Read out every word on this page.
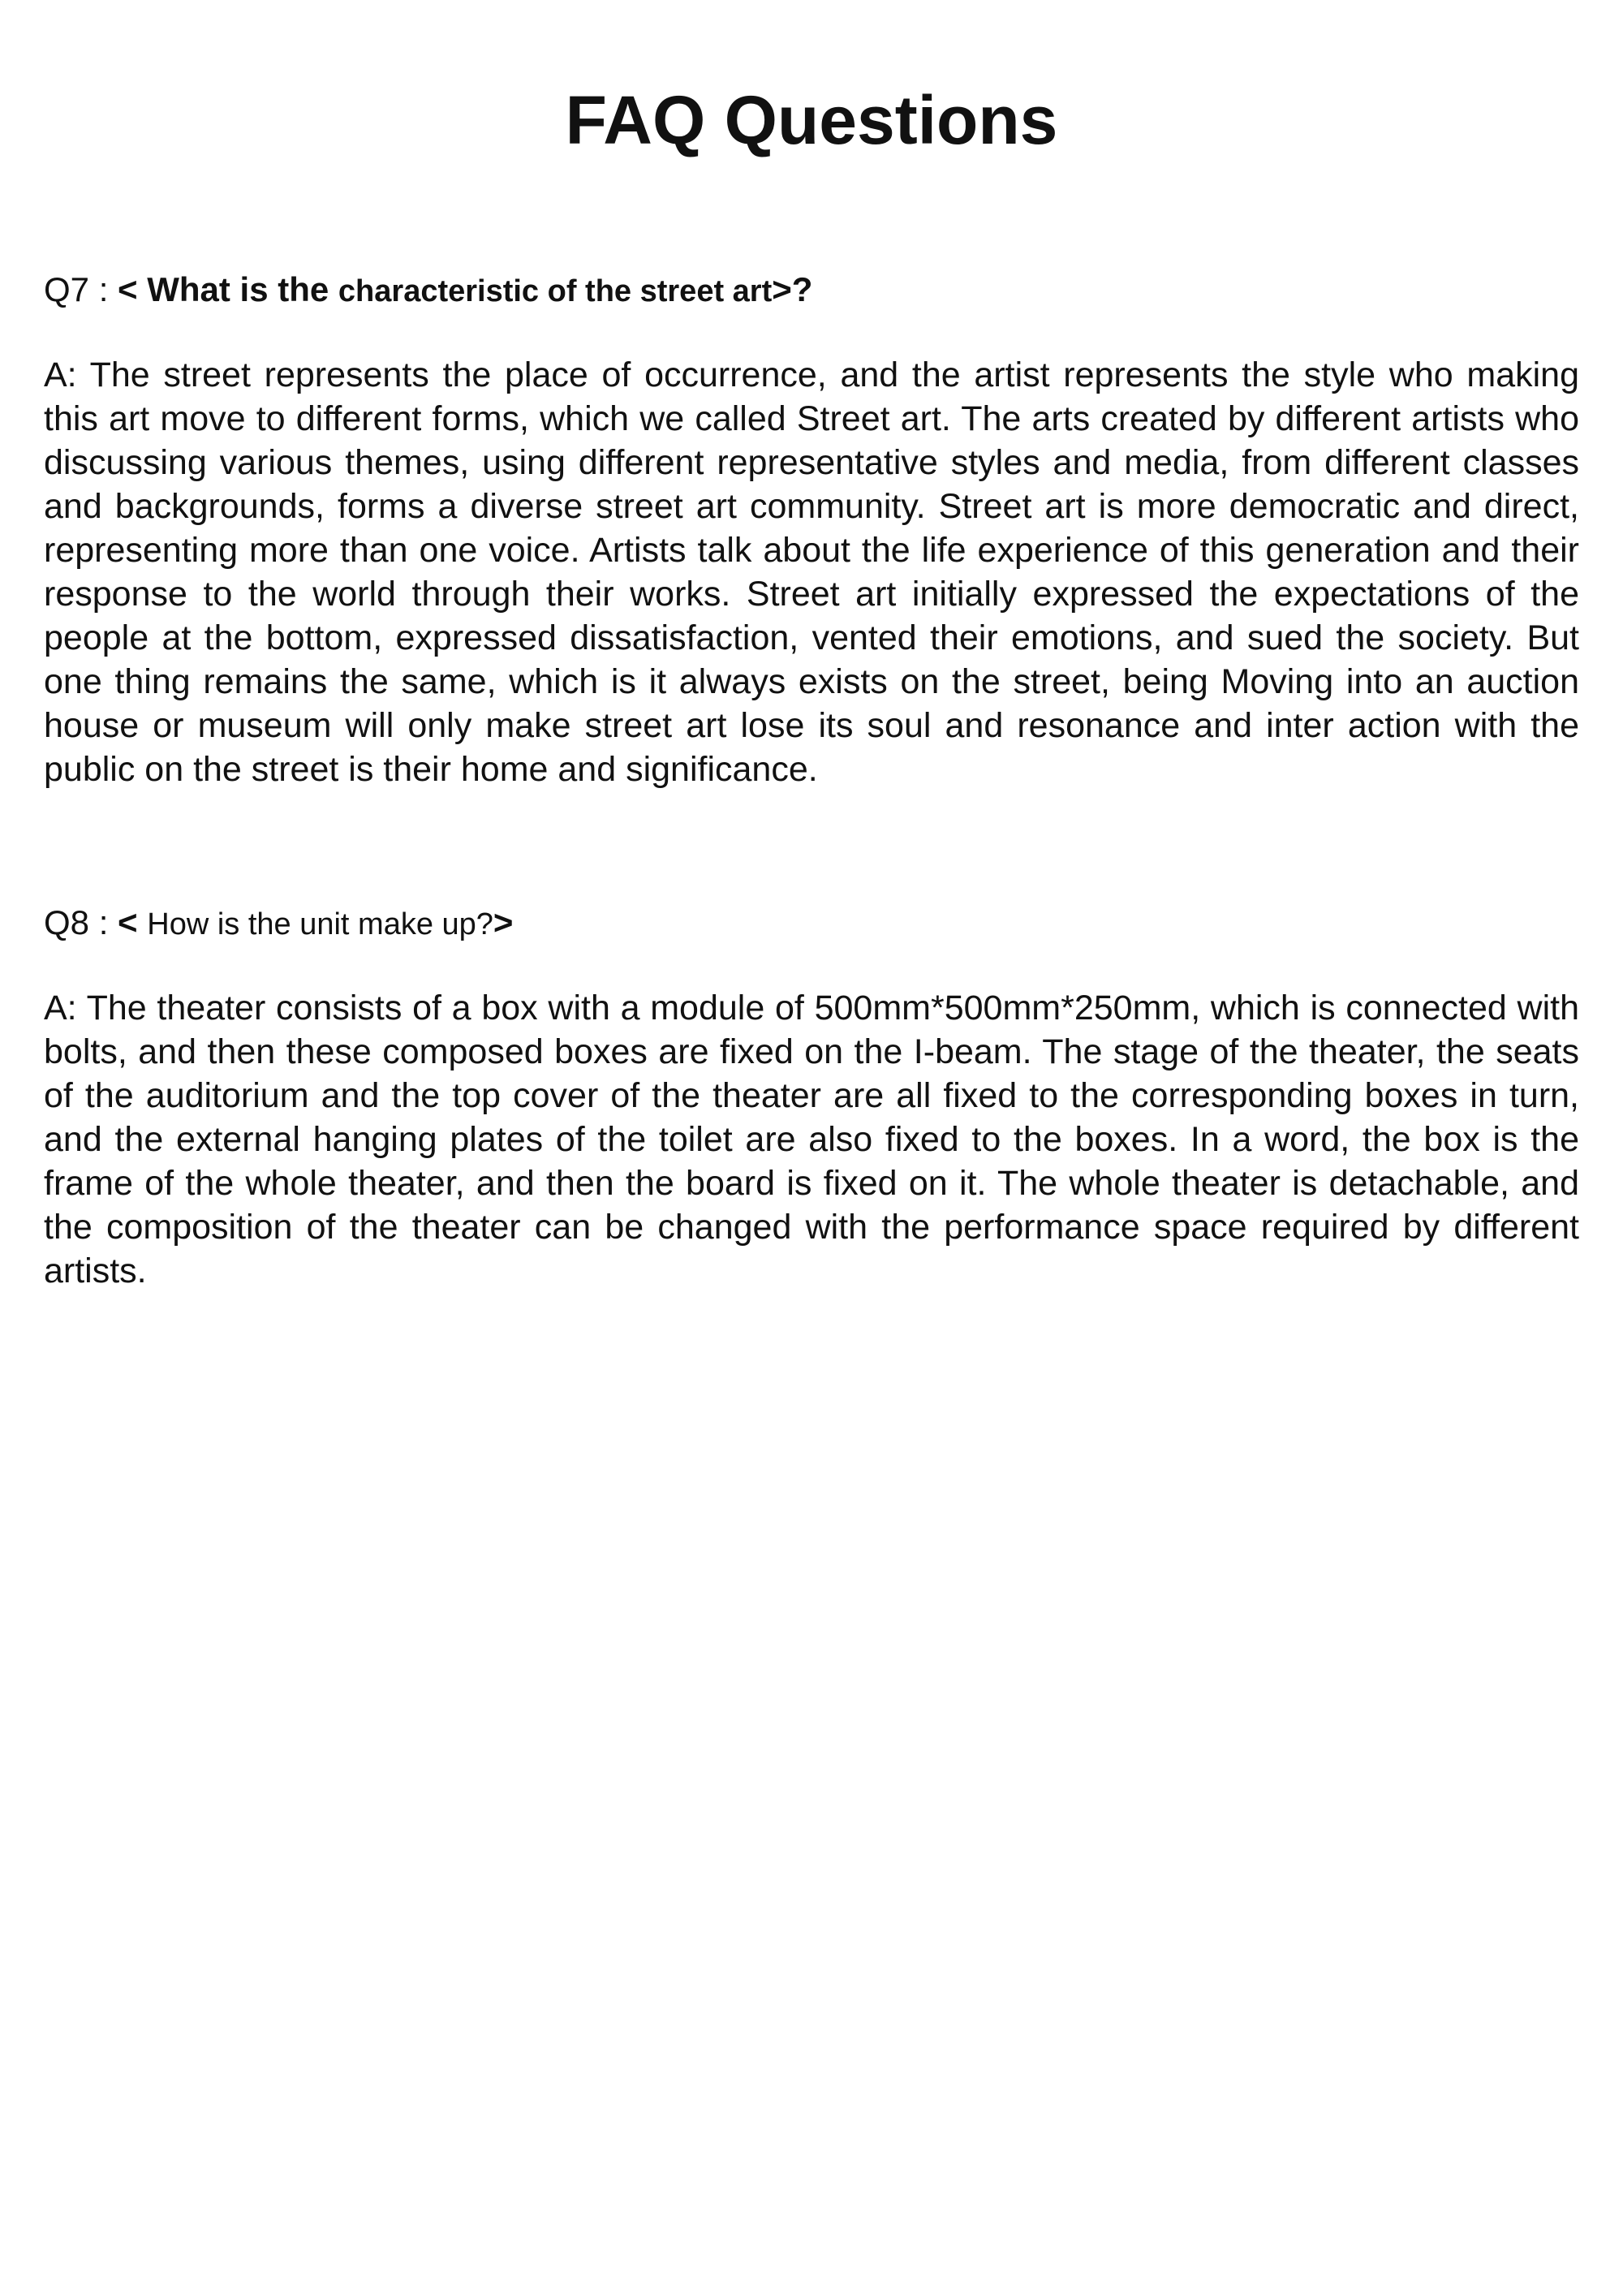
FAQ Questions

Q7 : < What is the characteristic of the street art>?

A: The street represents the place of occurrence, and the artist represents the style who making this art move to different forms, which we called Street art. The arts created by different artists who discussing various themes, using different representative styles and media, from different classes and backgrounds, forms a diverse street art community. Street art is more democratic and direct, representing more than one voice. Artists talk about the life experience of this generation and their response to the world through their works. Street art initially expressed the expectations of the people at the bottom, expressed dissatisfaction, vented their emotions, and sued the society. But one thing remains the same, which is it always exists on the street, being Moving into an auction house or museum will only make street art lose its soul and resonance and inter action with the public on the street is their home and significance.

Q8 : < How is the unit make up?>

A: The theater consists of a box with a module of 500mm*500mm*250mm, which is connected with bolts, and then these composed boxes are fixed on the I-beam. The stage of the theater, the seats of the auditorium and the top cover of the theater are all fixed to the corresponding boxes in turn, and the external hanging plates of the toilet are also fixed to the boxes. In a word, the box is the frame of the whole theater, and then the board is fixed on it. The whole theater is detachable, and the composition of the theater can be changed with the performance space required by different artists.
